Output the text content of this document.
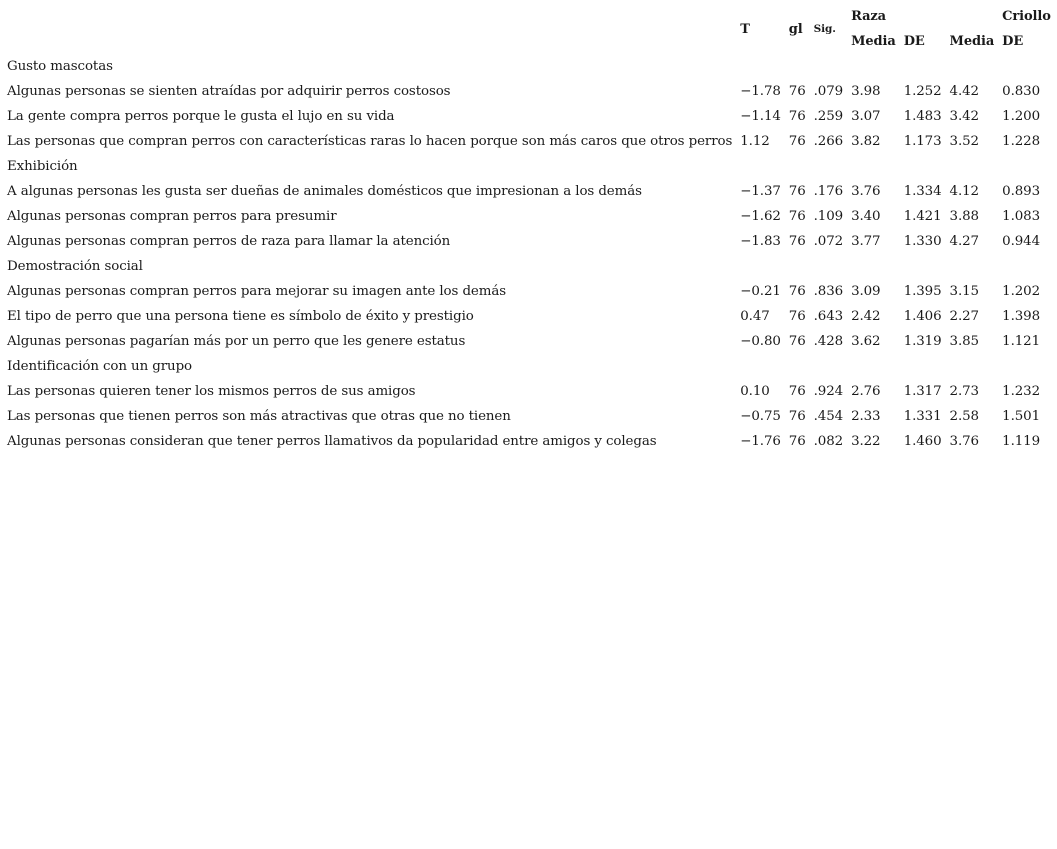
	T	gl	Sig.	Raza			Criollo
				Media	DE	Media	DE
Gusto mascotas							
Algunas personas se sienten atraídas por adquirir perros costosos	−1.78	76	.079	3.98	1.252	4.42	0.830
La gente compra perros porque le gusta el lujo en su vida	−1.14	76	.259	3.07	1.483	3.42	1.200
Las personas que compran perros con características raras lo hacen porque son más caros que otros perros	1.12	76	.266	3.82	1.173	3.52	1.228
Exhibición							
A algunas personas les gusta ser dueñas de animales domésticos que impresionan a los demás	−1.37	76	.176	3.76	1.334	4.12	0.893
Algunas personas compran perros para presumir	−1.62	76	.109	3.40	1.421	3.88	1.083
Algunas personas compran perros de raza para llamar la atención	−1.83	76	.072	3.77	1.330	4.27	0.944
Demostración social							
Algunas personas compran perros para mejorar su imagen ante los demás	−0.21	76	.836	3.09	1.395	3.15	1.202
El tipo de perro que una persona tiene es símbolo de éxito y prestigio	0.47	76	.643	2.42	1.406	2.27	1.398
Algunas personas pagarían más por un perro que les genere estatus	−0.80	76	.428	3.62	1.319	3.85	1.121
Identificación con un grupo							
Las personas quieren tener los mismos perros de sus amigos	0.10	76	.924	2.76	1.317	2.73	1.232
Las personas que tienen perros son más atractivas que otras que no tienen	−0.75	76	.454	2.33	1.331	2.58	1.501
Algunas personas consideran que tener perros llamativos da popularidad entre amigos y colegas	−1.76	76	.082	3.22	1.460	3.76	1.119
